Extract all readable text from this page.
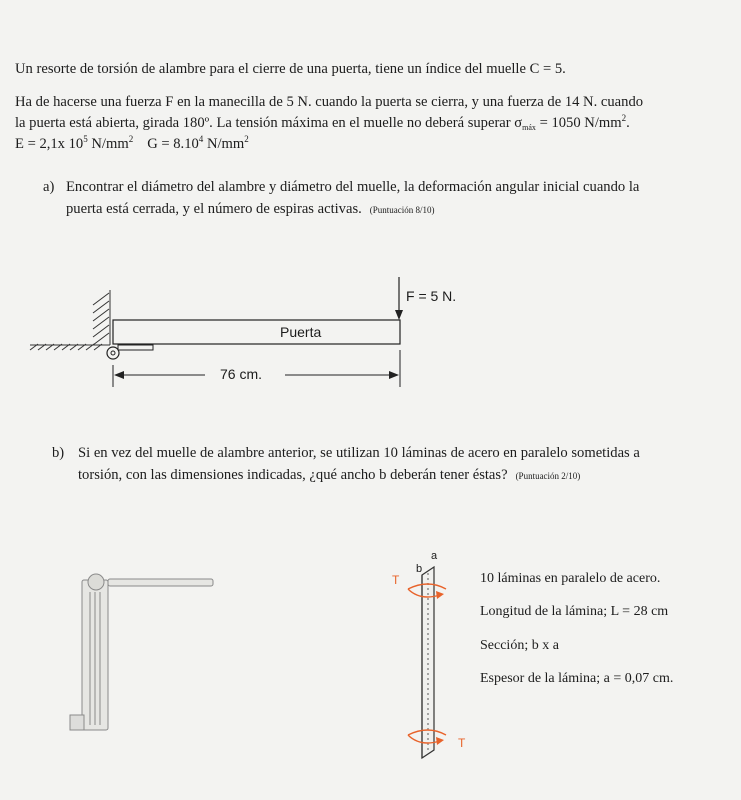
Un resorte de torsión de alambre para el cierre de una puerta, tiene un índice del muelle C = 5.
Ha de hacerse una fuerza F en la manecilla de 5 N. cuando la puerta se cierra, y una fuerza de 14 N. cuando
la puerta está abierta, girada 180º. La tensión máxima en el muelle no deberá superar $\sigma_{máx} = 1050$ $N/mm^2$.
E = 2,1x $10^5$ $N/mm^2$ $G = 8.10^4$ $N/mm^2$
a) Encontrar el diámetro del alambre y diámetro del muelle, la deformación angular inicial cuando la
puerta está cerrada, y el número de espiras activas. (Puntuación 8/10)
Puerta
F = 5 N.
76 cm.
b) Si en vez del muelle de alambre anterior, se utilizan 10 láminas de acero en paralelo sometidas a
torsión, con las dimensiones indicadas, ¿qué ancho b deberán tener éstas? (Puntuación 2/10)
a
b
T
T
10 láminas en paralelo de acero.
Longitud de la lámina; L = 28 cm
Sección; b x a
Espesor de la lámina; a = 0,07 cm.
